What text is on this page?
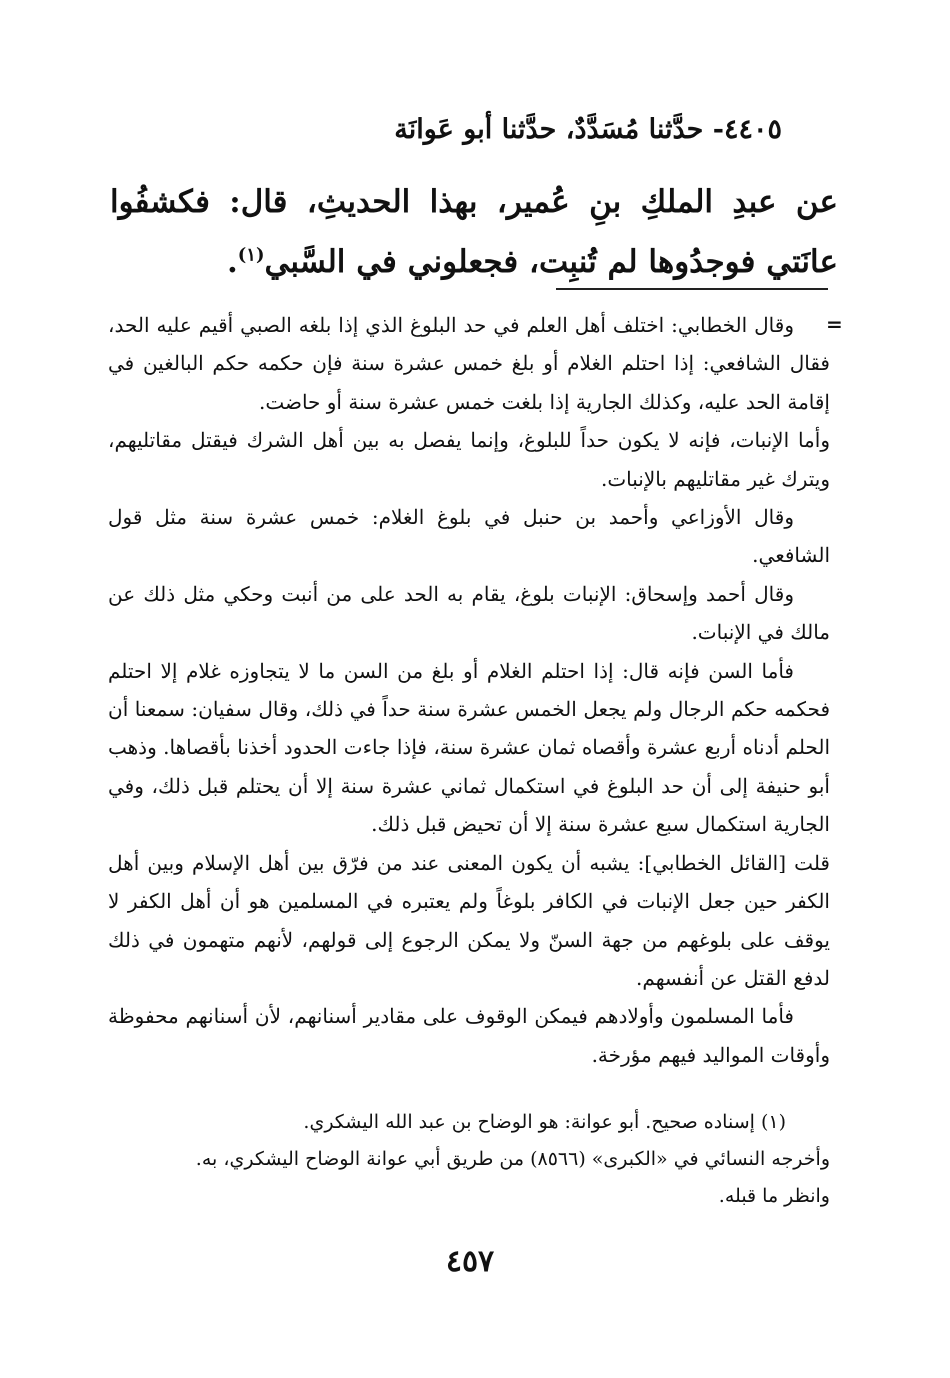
٤٤٠٥- حدَّثنا مُسَدَّدٌ، حدَّثنا أبو عَوانَة
عن عبدِ الملكِ بنِ عُمير، بهذا الحديثِ، قال: فكشفُوا عانَتي فوجدُوها لم تُنبِت، فجعلوني في السَّبي$^{(١)}$.
=

وقال الخطابي: اختلف أهل العلم في حد البلوغ الذي إذا بلغه الصبي أقيم عليه الحد، فقال الشافعي: إذا احتلم الغلام أو بلغ خمس عشرة سنة فإن حكمه حكم البالغين في إقامة الحد عليه، وكذلك الجارية إذا بلغت خمس عشرة سنة أو حاضت.

وأما الإنبات، فإنه لا يكون حداً للبلوغ، وإنما يفصل به بين أهل الشرك فيقتل مقاتليهم، ويترك غير مقاتليهم بالإنبات.

وقال الأوزاعي وأحمد بن حنبل في بلوغ الغلام: خمس عشرة سنة مثل قول الشافعي.

وقال أحمد وإسحاق: الإنبات بلوغ، يقام به الحد على من أنبت وحكي مثل ذلك عن مالك في الإنبات.

فأما السن فإنه قال: إذا احتلم الغلام أو بلغ من السن ما لا يتجاوزه غلام إلا احتلم فحكمه حكم الرجال ولم يجعل الخمس عشرة سنة حداً في ذلك، وقال سفيان: سمعنا أن الحلم أدناه أربع عشرة وأقصاه ثمان عشرة سنة، فإذا جاءت الحدود أخذنا بأقصاها. وذهب أبو حنيفة إلى أن حد البلوغ في استكمال ثماني عشرة سنة إلا أن يحتلم قبل ذلك، وفي الجارية استكمال سبع عشرة سنة إلا أن تحيض قبل ذلك.

قلت [القائل الخطابي]: يشبه أن يكون المعنى عند من فرّق بين أهل الإسلام وبين أهل الكفر حين جعل الإنبات في الكافر بلوغاً ولم يعتبره في المسلمين هو أن أهل الكفر لا يوقف على بلوغهم من جهة السنّ ولا يمكن الرجوع إلى قولهم، لأنهم متهمون في ذلك لدفع القتل عن أنفسهم.

فأما المسلمون وأولادهم فيمكن الوقوف على مقادير أسنانهم، لأن أسنانهم محفوظة وأوقات المواليد فيهم مؤرخة.

(١) إسناده صحيح. أبو عوانة: هو الوضاح بن عبد الله اليشكري.

وأخرجه النسائي في «الكبرى» (٨٥٦٦) من طريق أبي عوانة الوضاح اليشكري، به.

وانظر ما قبله.

٤٥٧
